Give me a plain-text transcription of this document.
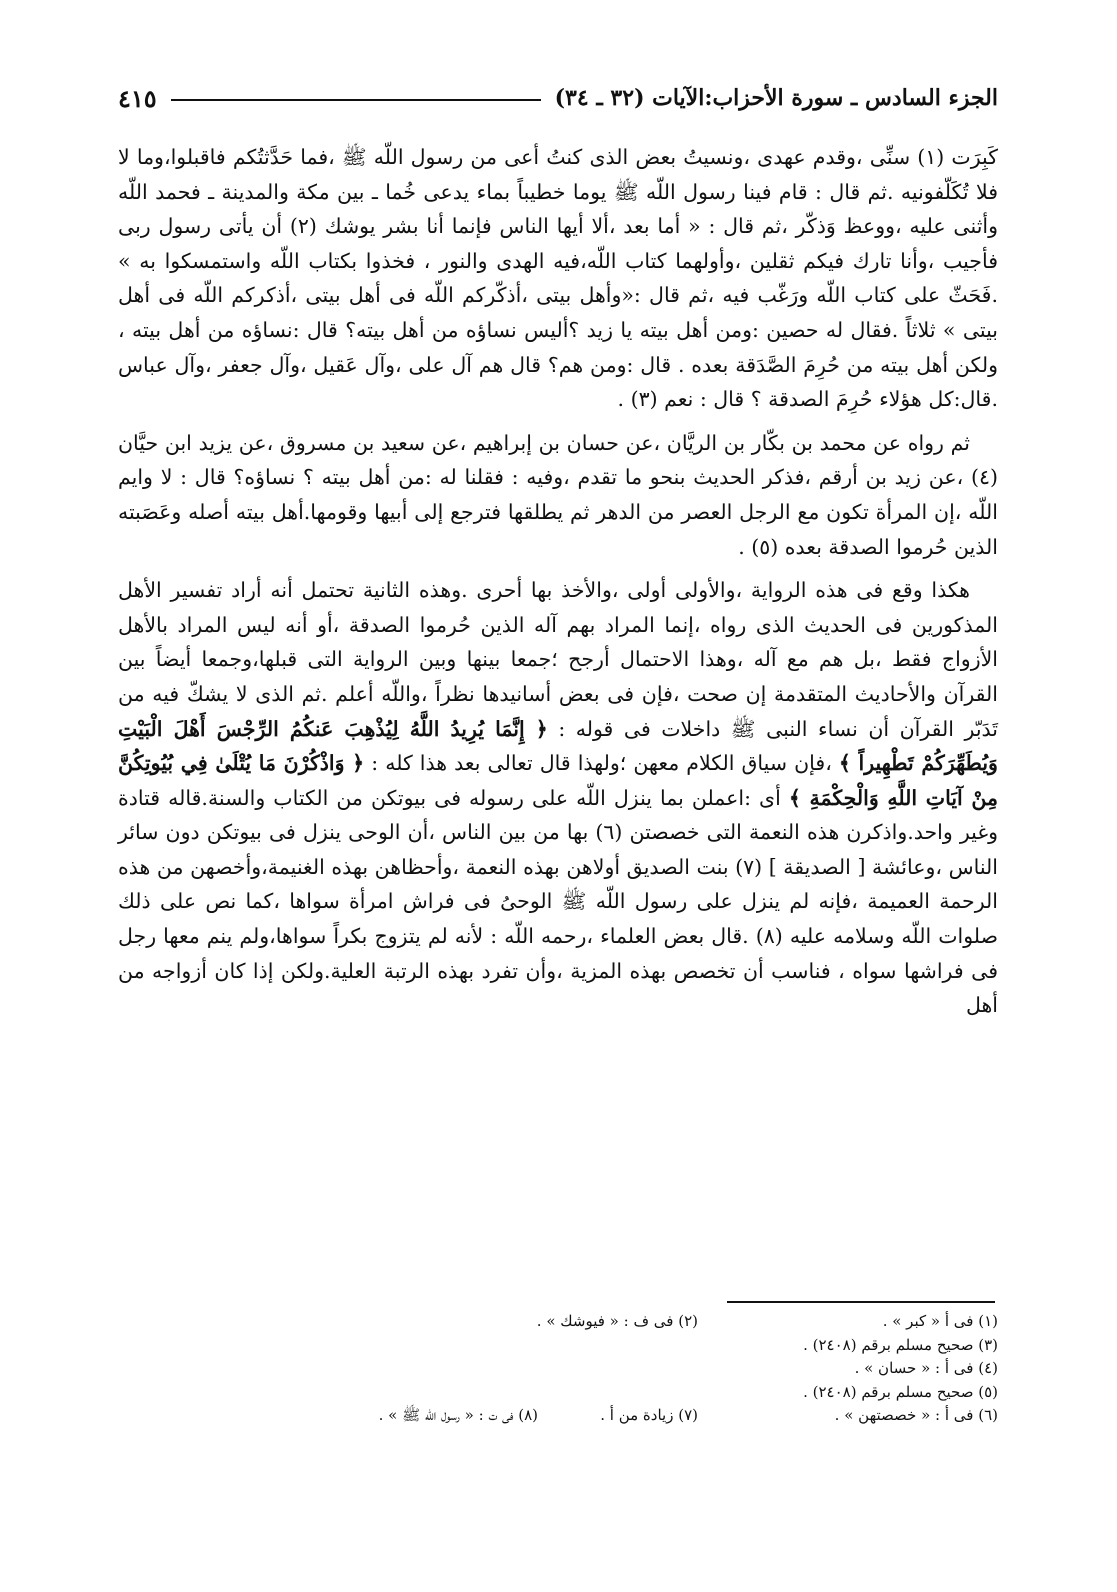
الجزء السادس ـ سورة الأحزاب:الآيات (٣٢ ـ ٣٤)
٤١٥

كَبِرَت (١) سنِّى ،وقدم عهدى ،ونسيتُ بعض الذى كنتُ أعى من رسول اللّه ﷺ ،فما حَدَّثتُكم فاقبلوا،وما لا فلا تُكَلّفونيه .ثم قال : قام فينا رسول اللّه ﷺ يوما خطيباً بماء يدعى خُما ـ بين مكة والمدينة ـ فحمد اللّه وأثنى عليه ،ووعظ وَذكّر ،ثم قال : « أما بعد ،ألا أيها الناس فإنما أنا بشر يوشك (٢) أن يأتى رسول ربى فأجيب ،وأنا تارك فيكم ثقلين ،وأولهما كتاب اللّه،فيه الهدى والنور ، فخذوا بكتاب اللّه واستمسكوا به » .فَحَثّ على كتاب اللّه ورَغّب فيه ،ثم قال :«وأهل بيتى ،أذكّركم اللّه فى أهل بيتى ،أذكركم اللّه فى أهل بيتى » ثلاثاً .فقال له حصين :ومن أهل بيته يا زيد ؟أليس نساؤه من أهل بيته؟ قال :نساؤه من أهل بيته ، ولكن أهل بيته من حُرِمَ الصَّدَقة بعده . قال :ومن هم؟ قال هم آل على ،وآل عَقيل ،وآل جعفر ،وآل عباس .قال:كل هؤلاء حُرِمَ الصدقة ؟ قال : نعم (٣) .

ثم رواه عن محمد بن بكّار بن الريَّان ،عن حسان بن إبراهيم ،عن سعيد بن مسروق ،عن يزيد ابن حيَّان (٤) ،عن زيد بن أرقم ،فذكر الحديث بنحو ما تقدم ،وفيه : فقلنا له :من أهل بيته ؟ نساؤه؟ قال : لا وايم اللّه ،إن المرأة تكون مع الرجل العصر من الدهر ثم يطلقها فترجع إلى أبيها وقومها.أهل بيته أصله وعَصَبته الذين حُرموا الصدقة بعده (٥) .

هكذا وقع فى هذه الرواية ،والأولى أولى ،والأخذ بها أحرى .وهذه الثانية تحتمل أنه أراد تفسير الأهل المذكورين فى الحديث الذى رواه ،إنما المراد بهم آله الذين حُرموا الصدقة ،أو أنه ليس المراد بالأهل الأزواج فقط ،بل هم مع آله ،وهذا الاحتمال أرجح ؛جمعا بينها وبين الرواية التى قبلها،وجمعا أيضاً بين القرآن والأحاديث المتقدمة إن صحت ،فإن فى بعض أسانيدها نظراً ،واللّه أعلم .ثم الذى لا يشكّ فيه من تَدَبّر القرآن أن نساء النبى ﷺ داخلات فى قوله : ﴿ إِنَّمَا يُرِيدُ اللَّهُ لِيُذْهِبَ عَنكُمُ الرِّجْسَ أَهْلَ الْبَيْتِ وَيُطَهِّرَكُمْ تَطْهِيراً ﴾ ،فإن سياق الكلام معهن ؛ولهذا قال تعالى بعد هذا كله : ﴿ وَاذْكُرْنَ مَا يُتْلَىٰ فِي بُيُوتِكُنَّ مِنْ آيَاتِ اللَّهِ وَالْحِكْمَةِ ﴾ أى :اعملن بما ينزل اللّه على رسوله فى بيوتكن من الكتاب والسنة.قاله قتادة وغير واحد.واذكرن هذه النعمة التى خصصتن (٦) بها من بين الناس ،أن الوحى ينزل فى بيوتكن دون سائر الناس ،وعائشة [ الصديقة ] (٧) بنت الصديق أولاهن بهذه النعمة ،وأحظاهن بهذه الغنيمة،وأخصهن من هذه الرحمة العميمة ،فإنه لم ينزل على رسول اللّه ﷺ الوحىُ فى فراش امرأة سواها ،كما نص على ذلك صلوات اللّه وسلامه عليه (٨) .قال بعض العلماء ،رحمه اللّه : لأنه لم يتزوج بكراً سواها،ولم ينم معها رجل فى فراشها سواه ، فناسب أن تخصص بهذه المزية ،وأن تفرد بهذه الرتبة العلية.ولكن إذا كان أزواجه من أهل

(١) فى أ « كبر » .
(٢) فى ف : « فيوشك » .
(٣) صحيح مسلم برقم (٢٤٠٨) .
(٤) فى أ : « حسان » .
(٥) صحيح مسلم برقم (٢٤٠٨) .
(٦) فى أ : « خصصتهن » .
(٧) زيادة من أ .
(٨) فى ت : « رسول اللّه ﷺ » .
